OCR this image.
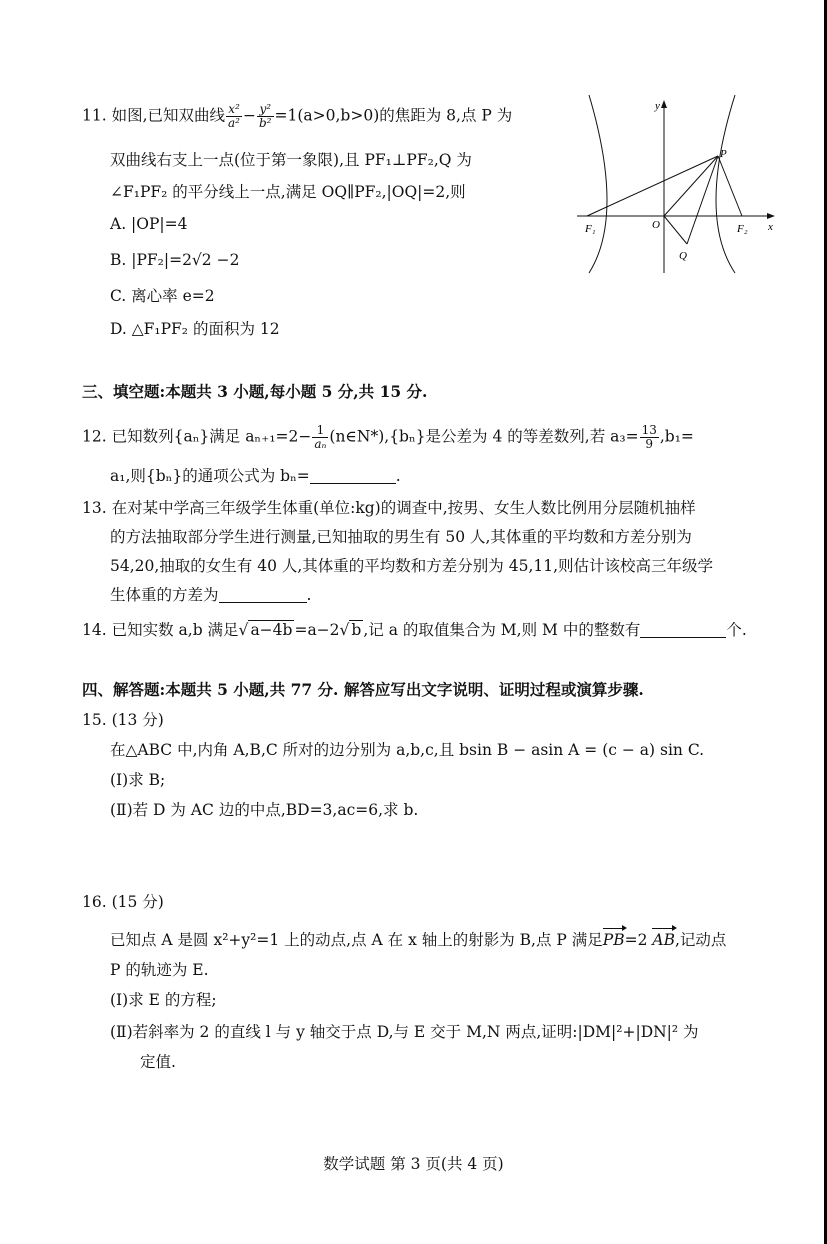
11. 如图,已知双曲线 $\frac{\text{x²}}{\text{a²}} - \frac{\text{y²}}{\text{b²}} =1(a>0,b>0)$的焦距为 8,点 P 为
双曲线右支上一点(位于第一象限),且 PF₁⊥PF₂,Q 为
∠F₁PF₂ 的平分线上一点,满足 OQ∥PF₂,|OQ|=2,则
A. |OP|=4
B. |PF₂|=2√2 −2
C. 离心率 e=2
D. △F₁PF₂ 的面积为 12
y
x
F₁	O	F₂
P
Q
三、填空题:本题共 3 小题,每小题 5 分,共 15 分.
12. 已知数列{aₙ}满足 $a_{n+1}=2- \frac{1}{\text{aₙ}}$ (n∈N*),{bₙ}是公差为 4 的等差数列,若 $a_3= \frac{13}{9} ,b_1=$
a₁,则{bₙ}的通项公式为 bₙ=	.
13. 在对某中学高三年级学生体重(单位:kg)的调查中,按男、女生人数比例用分层随机抽样
的方法抽取部分学生进行测量,已知抽取的男生有 50 人,其体重的平均数和方差分别为
54,20,抽取的女生有 40 人,其体重的平均数和方差分别为 45,11,则估计该校高三年级学
生体重的方差为	.
14. 已知实数 a,b 满足√ a−4b =a−2√ b ,记 a 的取值集合为 M,则 M 中的整数有	个.
四、解答题:本题共 5 小题,共 77 分. 解答应写出文字说明、证明过程或演算步骤.
15. (13 分)
在△ABC 中,内角 A,B,C 所对的边分别为 a,b,c,且 bsin B − asin A = (c − a) sin C.
(Ⅰ)求 B;
(Ⅱ)若 D 为 AC 边的中点,BD=3,ac=6,求 b.
16. (15 分)
已知点 A 是圆 x²+y²=1 上的动点,点 A 在 x 轴上的射影为 B,点 P 满足PB=2 AB,记动点
P 的轨迹为 E.
(Ⅰ)求 E 的方程;
(Ⅱ)若斜率为 2 的直线 l 与 y 轴交于点 D,与 E 交于 M,N 两点,证明:|DM|²+|DN|² 为
定值.
数学试题 第 3 页(共 4 页)
